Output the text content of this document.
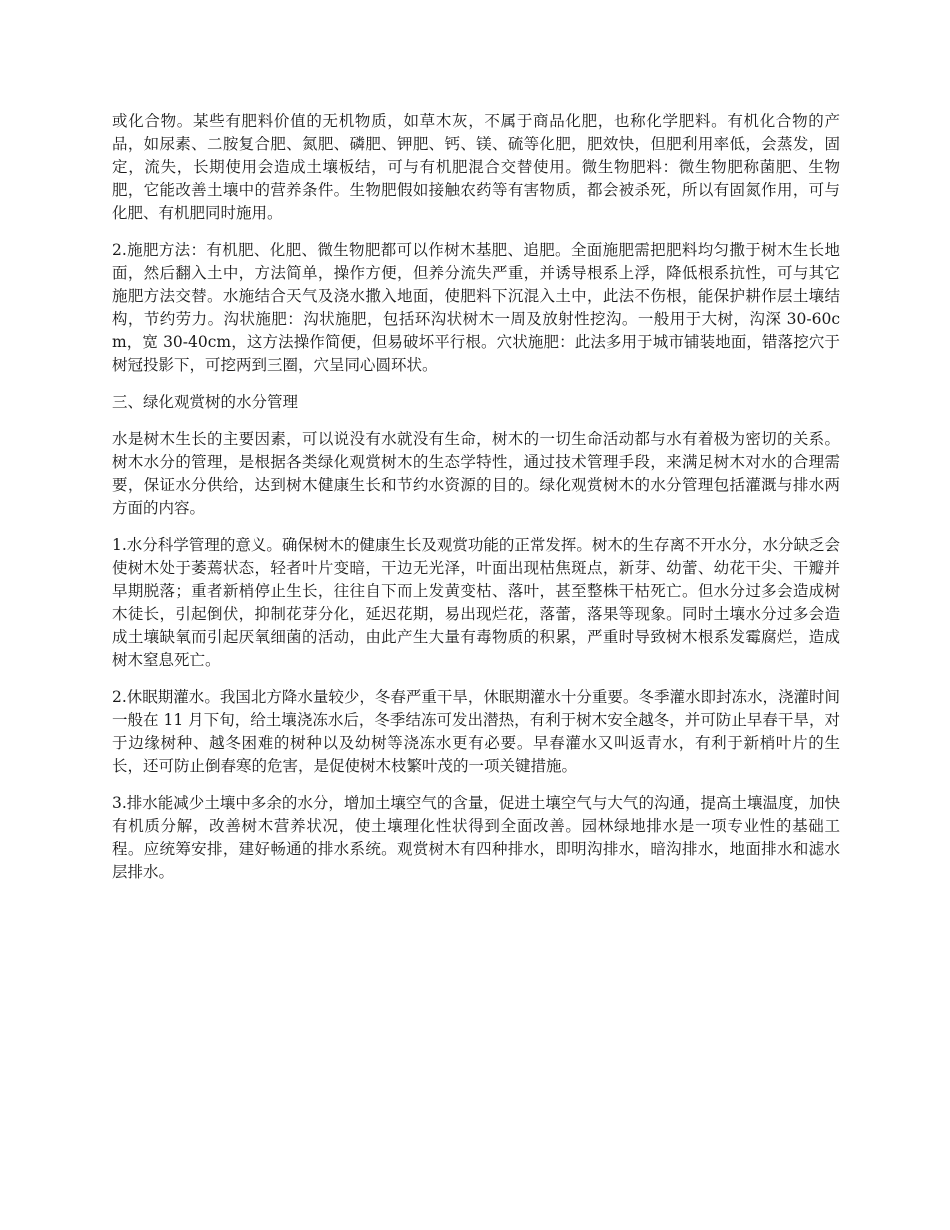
或化合物。某些有肥料价值的无机物质，如草木灰，不属于商品化肥，也称化学肥料。有机化合物的产品，如尿素、二胺复合肥、氮肥、磷肥、钾肥、钙、镁、硫等化肥，肥效快，但肥利用率低，会蒸发，固定，流失，长期使用会造成土壤板结，可与有机肥混合交替使用。微生物肥料：微生物肥称菌肥、生物肥，它能改善土壤中的营养条件。生物肥假如接触农药等有害物质，都会被杀死，所以有固氮作用，可与化肥、有机肥同时施用。

2.施肥方法：有机肥、化肥、微生物肥都可以作树木基肥、追肥。全面施肥需把肥料均匀撒于树木生长地面，然后翻入土中，方法简单，操作方便，但养分流失严重，并诱导根系上浮，降低根系抗性，可与其它施肥方法交替。水施结合天气及浇水撒入地面，使肥料下沉混入土中，此法不伤根，能保护耕作层土壤结构，节约劳力。沟状施肥：沟状施肥，包括环沟状树木一周及放射性挖沟。一般用于大树，沟深 30-60cm，宽 30-40cm，这方法操作简便，但易破坏平行根。穴状施肥：此法多用于城市铺装地面，错落挖穴于树冠投影下，可挖两到三圈，穴呈同心圆环状。

三、绿化观赏树的水分管理

水是树木生长的主要因素，可以说没有水就没有生命，树木的一切生命活动都与水有着极为密切的关系。树木水分的管理，是根据各类绿化观赏树木的生态学特性，通过技术管理手段，来满足树木对水的合理需要，保证水分供给，达到树木健康生长和节约水资源的目的。绿化观赏树木的水分管理包括灌溉与排水两方面的内容。

1.水分科学管理的意义。确保树木的健康生长及观赏功能的正常发挥。树木的生存离不开水分，水分缺乏会使树木处于萎蔫状态，轻者叶片变暗，干边无光泽，叶面出现枯焦斑点，新芽、幼蕾、幼花干尖、干瓣并早期脱落；重者新梢停止生长，往往自下而上发黄变枯、落叶，甚至整株干枯死亡。但水分过多会造成树木徒长，引起倒伏，抑制花芽分化，延迟花期，易出现烂花，落蕾，落果等现象。同时土壤水分过多会造成土壤缺氧而引起厌氧细菌的活动，由此产生大量有毒物质的积累，严重时导致树木根系发霉腐烂，造成树木窒息死亡。

2.休眠期灌水。我国北方降水量较少，冬春严重干旱，休眠期灌水十分重要。冬季灌水即封冻水，浇灌时间一般在 11 月下旬，给土壤浇冻水后，冬季结冻可发出潜热，有利于树木安全越冬，并可防止早春干旱，对于边缘树种、越冬困难的树种以及幼树等浇冻水更有必要。早春灌水又叫返青水，有利于新梢叶片的生长，还可防止倒春寒的危害，是促使树木枝繁叶茂的一项关键措施。

3.排水能减少土壤中多余的水分，增加土壤空气的含量，促进土壤空气与大气的沟通，提高土壤温度，加快有机质分解，改善树木营养状况，使土壤理化性状得到全面改善。园林绿地排水是一项专业性的基础工程。应统筹安排，建好畅通的排水系统。观赏树木有四种排水，即明沟排水，暗沟排水，地面排水和滤水层排水。
